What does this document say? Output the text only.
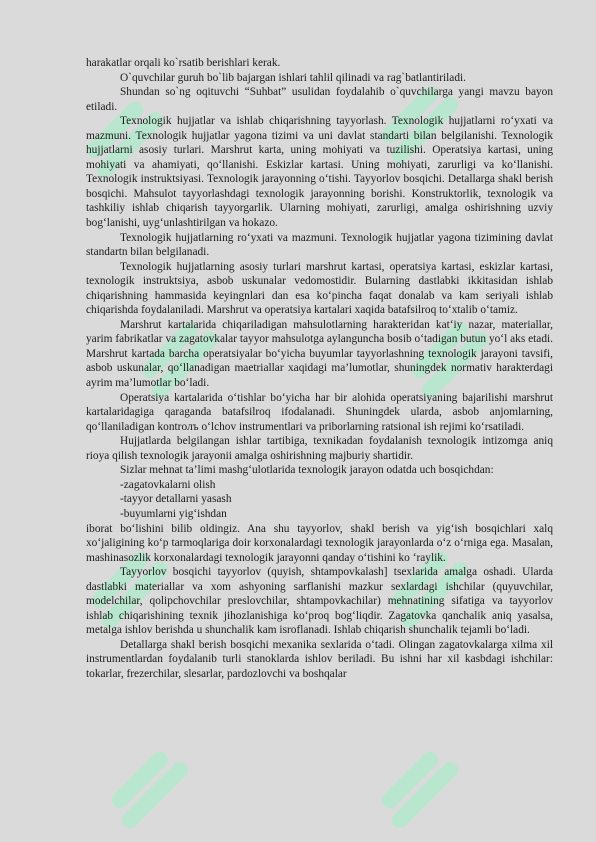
harakatlar orqali ko`rsatib berishlari kerak.

O`quvchilar guruh bo`lib bajargan ishlari tahlil qilinadi va rag`batlantiriladi.

Shundan so`ng oqituvchi “Suhbat” usulidan foydalahib o`quvchilarga yangi mavzu bayon etiladi.

Texnologik hujjatlar va ishlab chiqarishning tayyorlash. Texnologik hujjatlarni ro‘yxati va mazmuni. Texnologik hujjatlar yagona tizimi va uni davlat standarti bilan belgilanishi. Texnologik hujjatlarni asosiy turlari. Marshrut karta, uning mohiyati va tuzilishi. Operatsiya kartasi, uning mohiyati va ahamiyati, qo‘llanishi. Eskizlar kartasi. Uning mohiyati, zarurligi va ko‘llanishi. Texnologik instruktsiyasi. Texnologik jarayonning o‘tishi. Tayyorlov bosqichi. Detallarga shakl berish bosqichi. Mahsulot tayyorlashdagi texnologik jarayonning borishi. Konstruktorlik, texnologik va tashkiliy ishlab chiqarish tayyorgarlik. Ularning mohiyati, zarurligi, amalga oshirishning uzviy bog‘lanishi, uyg‘unlashtirilgan va hokazo.

Texnologik hujjatlarning ro‘yxati va mazmuni. Texnologik hujjatlar yagona tizimining davlat standartn bilan belgilanadi.

Texnologik hujjatlarning asosiy turlari marshrut kartasi, operatsiya kartasi, eskizlar kartasi, texnologik instruktsiya, asbob uskunalar vedomostidir. Bularning dastlabki ikkitasidan ishlab chiqarishning hammasida keyingnlari dan esa ko‘pincha faqat donalab va kam seriyali ishlab chiqarishda foydalaniladi. Marshrut va operatsiya kartalari xaqida batafsilroq to‘xtalib o‘tamiz.

Marshrut kartalarida chiqariladigan mahsulotlarning harakteridan kat‘iy nazar, materiallar, yarim fabrikatlar va zagatovkalar tayyor mahsulotga aylanguncha bosib o‘tadigan butun yo‘l aks etadi. Marshrut kartada barcha operatsiyalar bo‘yicha buyumlar tayyorlashning texnologik jarayoni tavsifi, asbob uskunalar, qo‘llanadigan maetriallar xaqidagi ma’lumotlar, shuningdek normativ harakterdagi ayrim ma’lumotlar bo‘ladi.

Operatsiya kartalarida o‘tishlar bo‘yicha har bir alohida operatsiyaning bajarilishi marshrut kartalaridagiga qaraganda batafsilroq ifodalanadi. Shuningdek ularda, asbob anjomlarning, qo‘llaniladigan kontroлъ o‘lchov instrumentlari va priborlarning ratsional ish rejimi ko‘rsatiladi.

Hujjatlarda belgilangan ishlar tartibiga, texnikadan foydalanish texnologik intizomga aniq rioya qilish texnologik jarayonii amalga oshirishning majburiy shartidir.

Sizlar mehnat ta’limi mashg‘ulotlarida texnologik jarayon odatda uch bosqichdan:

-zagatovkalarni olish

-tayyor detallarni yasash

-buyumlarni yig‘ishdan

iborat bo‘lishini bilib oldingiz. Ana shu tayyorlov, shakl berish va yig‘ish bosqichlari xalq xo‘jaligining ko‘p tarmoqlariga doir korxonalardagi texnologik jarayonlarda o‘z o‘rniga ega. Masalan, mashinasozlik korxonalardagi texnologik jarayonni qanday o‘tishini ko ‘raylik.

Tayyorlov bosqichi tayyorlov (quyish, shtampovkalash] tsexlarida amalga oshadi. Ularda dastlabki materiallar va xom ashyoning sarflanishi mazkur sexlardagi ishchilar (quyuvchilar, modelchilar, qolipchovchilar preslovchilar, shtampovkachilar) mehnatining sifatiga va tayyorlov ishlab chiqarishining texnik jihozlanishiga ko‘proq bog‘liqdir. Zagatovka qanchalik aniq yasalsa, metalga ishlov berishda u shunchalik kam isroflanadi. Ishlab chiqarish shunchalik tejamli bo‘ladi.

Detallarga shakl berish bosqichi mexanika sexlarida o‘tadi. Olingan zagatovkalarga xilma xil instrumentlardan foydalanib turli stanoklarda ishlov beriladi. Bu ishni har xil kasbdagi ishchilar: tokarlar, frezerchilar, slesarlar, pardozlovchi va boshqalar
